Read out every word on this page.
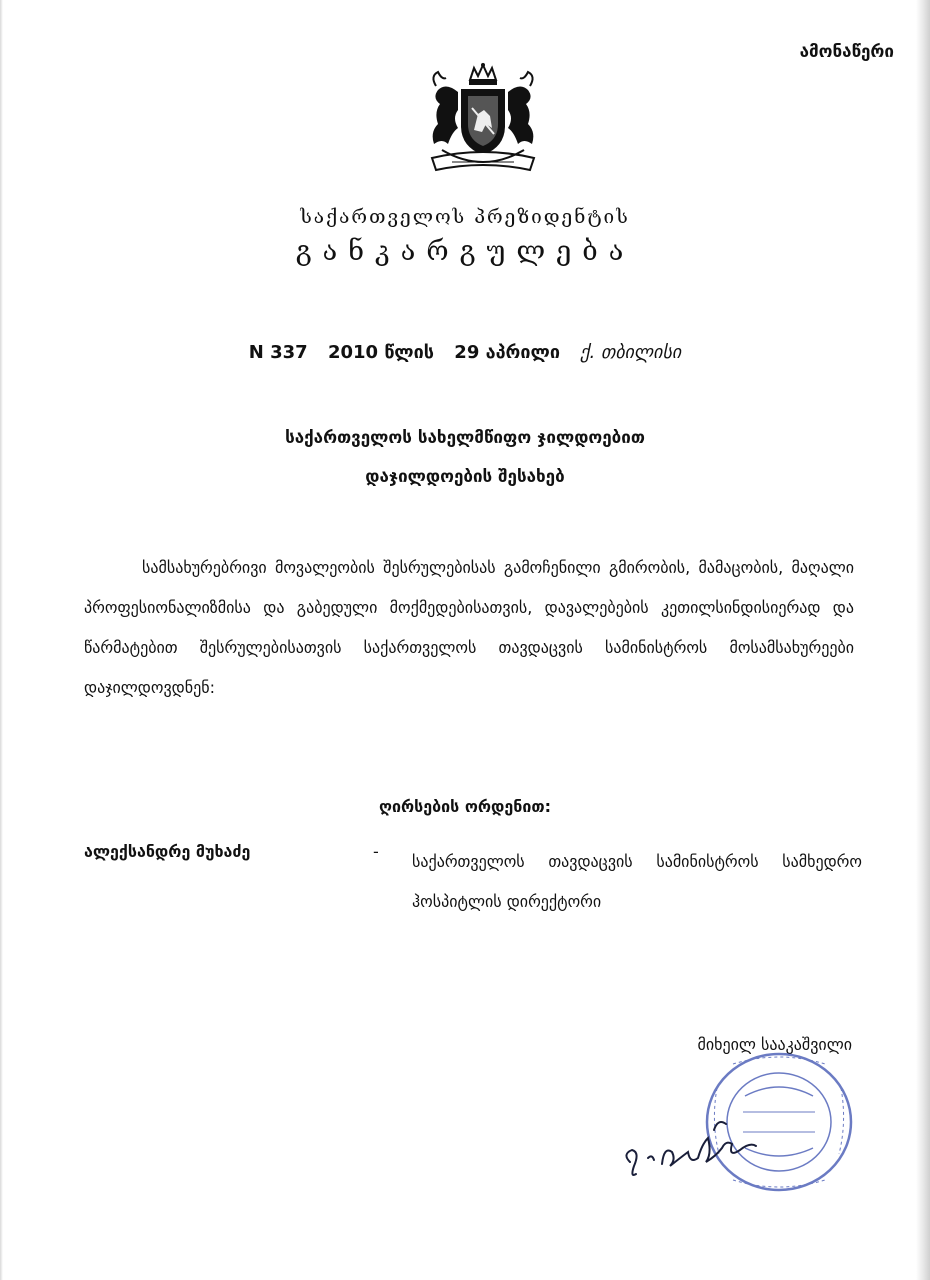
ამონაწერი
საქართველოს პრეზიდენტის
განკარგულება
N 337 2010 წლის 29 აპრილი ქ. თბილისი
საქართველოს სახელმწიფო ჯილდოებით
დაჯილდოების შესახებ
სამსახურებრივი მოვალეობის შესრულებისას გამოჩენილი გმირობის, მამაცობის, მაღალი პროფესიონალიზმისა და გაბედული მოქმედებისათვის, დავალებების კეთილსინდისიერად და წარმატებით შესრულებისათვის საქართველოს თავდაცვის სამინისტროს მოსამსახურეები დაჯილდოვდნენ:
ღირსების ორდენით:
ალექსანდრე მუხაძე	-
საქართველოს თავდაცვის სამინისტროს სამხედრო ჰოსპიტლის დირექტორი
მიხეილ სააკაშვილი
